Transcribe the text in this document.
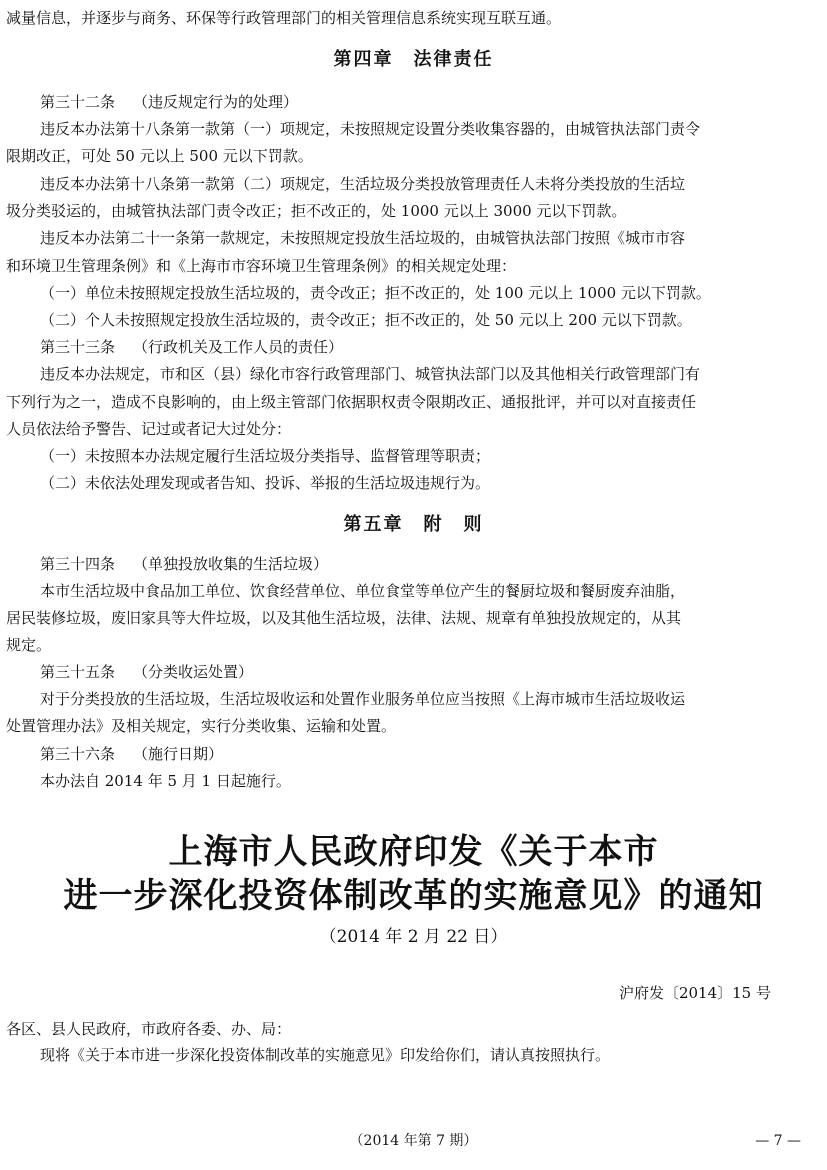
减量信息，并逐步与商务、环保等行政管理部门的相关管理信息系统实现互联互通。
第四章　法律责任
第三十二条 （违反规定行为的处理）
违反本办法第十八条第一款第（一）项规定，未按照规定设置分类收集容器的，由城管执法部门责令
限期改正，可处 50 元以上 500 元以下罚款。
违反本办法第十八条第一款第（二）项规定，生活垃圾分类投放管理责任人未将分类投放的生活垃
圾分类驳运的，由城管执法部门责令改正；拒不改正的，处 1000 元以上 3000 元以下罚款。
违反本办法第二十一条第一款规定，未按照规定投放生活垃圾的，由城管执法部门按照《城市市容
和环境卫生管理条例》和《上海市市容环境卫生管理条例》的相关规定处理：
（一）单位未按照规定投放生活垃圾的，责令改正；拒不改正的，处 100 元以上 1000 元以下罚款。
（二）个人未按照规定投放生活垃圾的，责令改正；拒不改正的，处 50 元以上 200 元以下罚款。
第三十三条 （行政机关及工作人员的责任）
违反本办法规定，市和区（县）绿化市容行政管理部门、城管执法部门以及其他相关行政管理部门有
下列行为之一，造成不良影响的，由上级主管部门依据职权责令限期改正、通报批评，并可以对直接责任
人员依法给予警告、记过或者记大过处分：
（一）未按照本办法规定履行生活垃圾分类指导、监督管理等职责；
（二）未依法处理发现或者告知、投诉、举报的生活垃圾违规行为。
第五章　附　则
第三十四条 （单独投放收集的生活垃圾）
本市生活垃圾中食品加工单位、饮食经营单位、单位食堂等单位产生的餐厨垃圾和餐厨废弃油脂，
居民装修垃圾，废旧家具等大件垃圾，以及其他生活垃圾，法律、法规、规章有单独投放规定的，从其
规定。
第三十五条 （分类收运处置）
对于分类投放的生活垃圾，生活垃圾收运和处置作业服务单位应当按照《上海市城市生活垃圾收运
处置管理办法》及相关规定，实行分类收集、运输和处置。
第三十六条 （施行日期）
本办法自 2014 年 5 月 1 日起施行。
上海市人民政府印发《关于本市
进一步深化投资体制改革的实施意见》的通知
（2014 年 2 月 22 日）
沪府发〔2014〕15 号
各区、县人民政府，市政府各委、办、局：
现将《关于本市进一步深化投资体制改革的实施意见》印发给你们，请认真按照执行。
（2014 年第 7 期）	— 7 —
